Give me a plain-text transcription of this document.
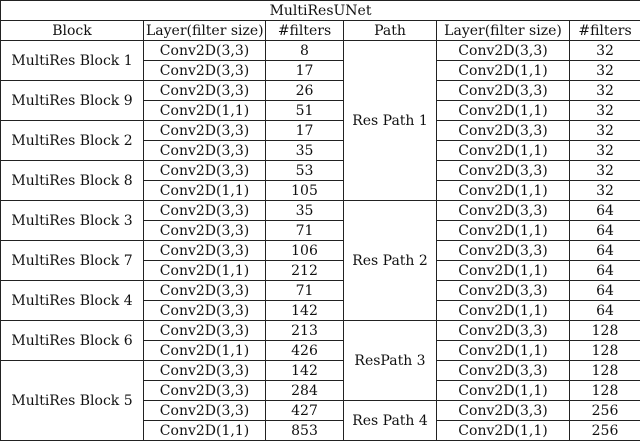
MultiResUNet					
Block	Layer(filter size)	#filters	Path	Layer(filter size)	#filters
MultiRes Block 1	Conv2D(3,3)	8	Res Path 1	Conv2D(3,3)	32
	Conv2D(3,3)	17		Conv2D(1,1)	32
MultiRes Block 9	Conv2D(3,3)	26		Conv2D(3,3)	32
	Conv2D(1,1)	51		Conv2D(1,1)	32
MultiRes Block 2	Conv2D(3,3)	17		Conv2D(3,3)	32
	Conv2D(3,3)	35		Conv2D(1,1)	32
MultiRes Block 8	Conv2D(3,3)	53		Conv2D(3,3)	32
	Conv2D(1,1)	105		Conv2D(1,1)	32
MultiRes Block 3	Conv2D(3,3)	35	Res Path 2	Conv2D(3,3)	64
	Conv2D(3,3)	71		Conv2D(1,1)	64
MultiRes Block 7	Conv2D(3,3)	106		Conv2D(3,3)	64
	Conv2D(1,1)	212		Conv2D(1,1)	64
MultiRes Block 4	Conv2D(3,3)	71		Conv2D(3,3)	64
	Conv2D(3,3)	142		Conv2D(1,1)	64
MultiRes Block 6	Conv2D(3,3)	213	ResPath 3	Conv2D(3,3)	128
	Conv2D(1,1)	426		Conv2D(1,1)	128
MultiRes Block 5	Conv2D(3,3)	142		Conv2D(3,3)	128
	Conv2D(3,3)	284		Conv2D(1,1)	128
	Conv2D(3,3)	427	Res Path 4	Conv2D(3,3)	256
	Conv2D(1,1)	853		Conv2D(1,1)	256
